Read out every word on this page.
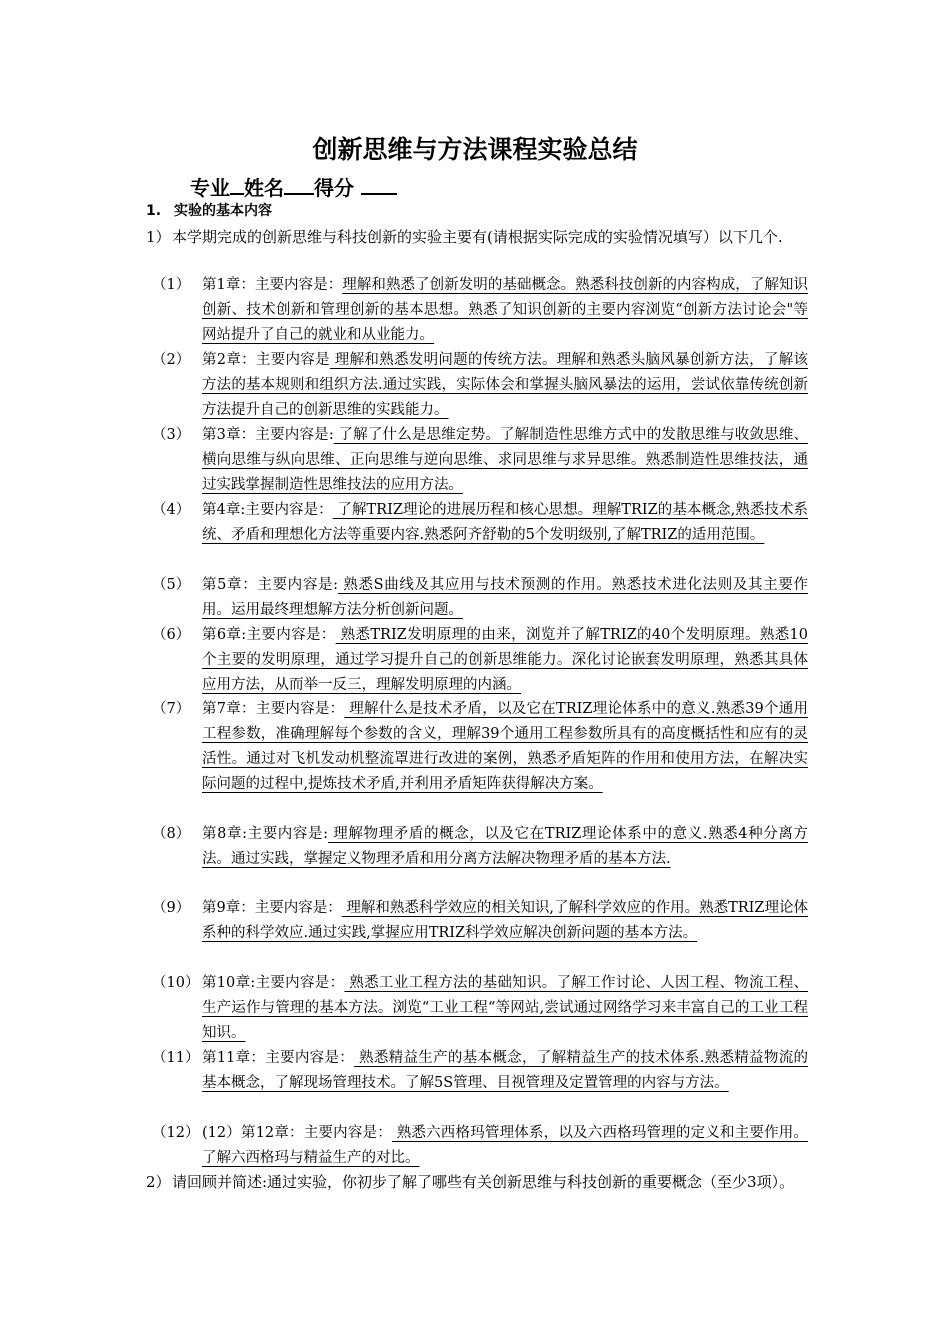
创新思维与方法课程实验总结
专业 姓名 得分
1. 实验的基本内容
1） 本学期完成的创新思维与科技创新的实验主要有(请根据实际完成的实验情况填写）以下几个.
（1） 第1章：主要内容是：理解和熟悉了创新发明的基础概念。熟悉科技创新的内容构成，了解知识创新、技术创新和管理创新的基本思想。熟悉了知识创新的主要内容浏览“创新方法讨论会"等网站提升了自己的就业和从业能力。
（2） 第2章：主要内容是 理解和熟悉发明问题的传统方法。理解和熟悉头脑风暴创新方法，了解该方法的基本规则和组织方法.通过实践，实际体会和掌握头脑风暴法的运用，尝试依靠传统创新方法提升自己的创新思维的实践能力。
（3） 第3章：主要内容是: 了解了什么是思维定势。了解制造性思维方式中的发散思维与收敛思维、横向思维与纵向思维、正向思维与逆向思维、求同思维与求异思维。熟悉制造性思维技法，通过实践掌握制造性思维技法的应用方法。
（4） 第4章:主要内容是： 了解TRIZ理论的进展历程和核心思想。理解TRIZ的基本概念,熟悉技术系统、矛盾和理想化方法等重要内容.熟悉阿齐舒勒的5个发明级别,了解TRIZ的适用范围。
（5） 第5章：主要内容是: 熟悉S曲线及其应用与技术预测的作用。熟悉技术进化法则及其主要作用。运用最终理想解方法分析创新问题。
（6） 第6章:主要内容是： 熟悉TRIZ发明原理的由来，浏览并了解TRIZ的40个发明原理。熟悉10个主要的发明原理，通过学习提升自己的创新思维能力。深化讨论嵌套发明原理，熟悉其具体应用方法，从而举一反三，理解发明原理的内涵。
（7） 第7章：主要内容是： 理解什么是技术矛盾，以及它在TRIZ理论体系中的意义.熟悉39个通用工程参数，准确理解每个参数的含义，理解39个通用工程参数所具有的高度概括性和应有的灵活性。通过对飞机发动机整流罩进行改进的案例，熟悉矛盾矩阵的作用和使用方法，在解决实际问题的过程中,提炼技术矛盾,并利用矛盾矩阵获得解决方案。
（8） 第8章:主要内容是: 理解物理矛盾的概念，以及它在TRIZ理论体系中的意义.熟悉4种分离方法。通过实践，掌握定义物理矛盾和用分离方法解决物理矛盾的基本方法.
（9） 第9章：主要内容是： 理解和熟悉科学效应的相关知识,了解科学效应的作用。熟悉TRIZ理论体系种的科学效应.通过实践,掌握应用TRIZ科学效应解决创新问题的基本方法。
（10） 第10章:主要内容是： 熟悉工业工程方法的基础知识。了解工作讨论、人因工程、物流工程、生产运作与管理的基本方法。浏览“工业工程“等网站,尝试通过网络学习来丰富自己的工业工程知识。
（11） 第11章：主要内容是： 熟悉精益生产的基本概念，了解精益生产的技术体系.熟悉精益物流的基本概念，了解现场管理技术。了解5S管理、目视管理及定置管理的内容与方法。
（12） (12）第12章：主要内容是： 熟悉六西格玛管理体系，以及六西格玛管理的定义和主要作用。了解六西格玛与精益生产的对比。
2） 请回顾并简述:通过实验，你初步了解了哪些有关创新思维与科技创新的重要概念（至少3项）。
